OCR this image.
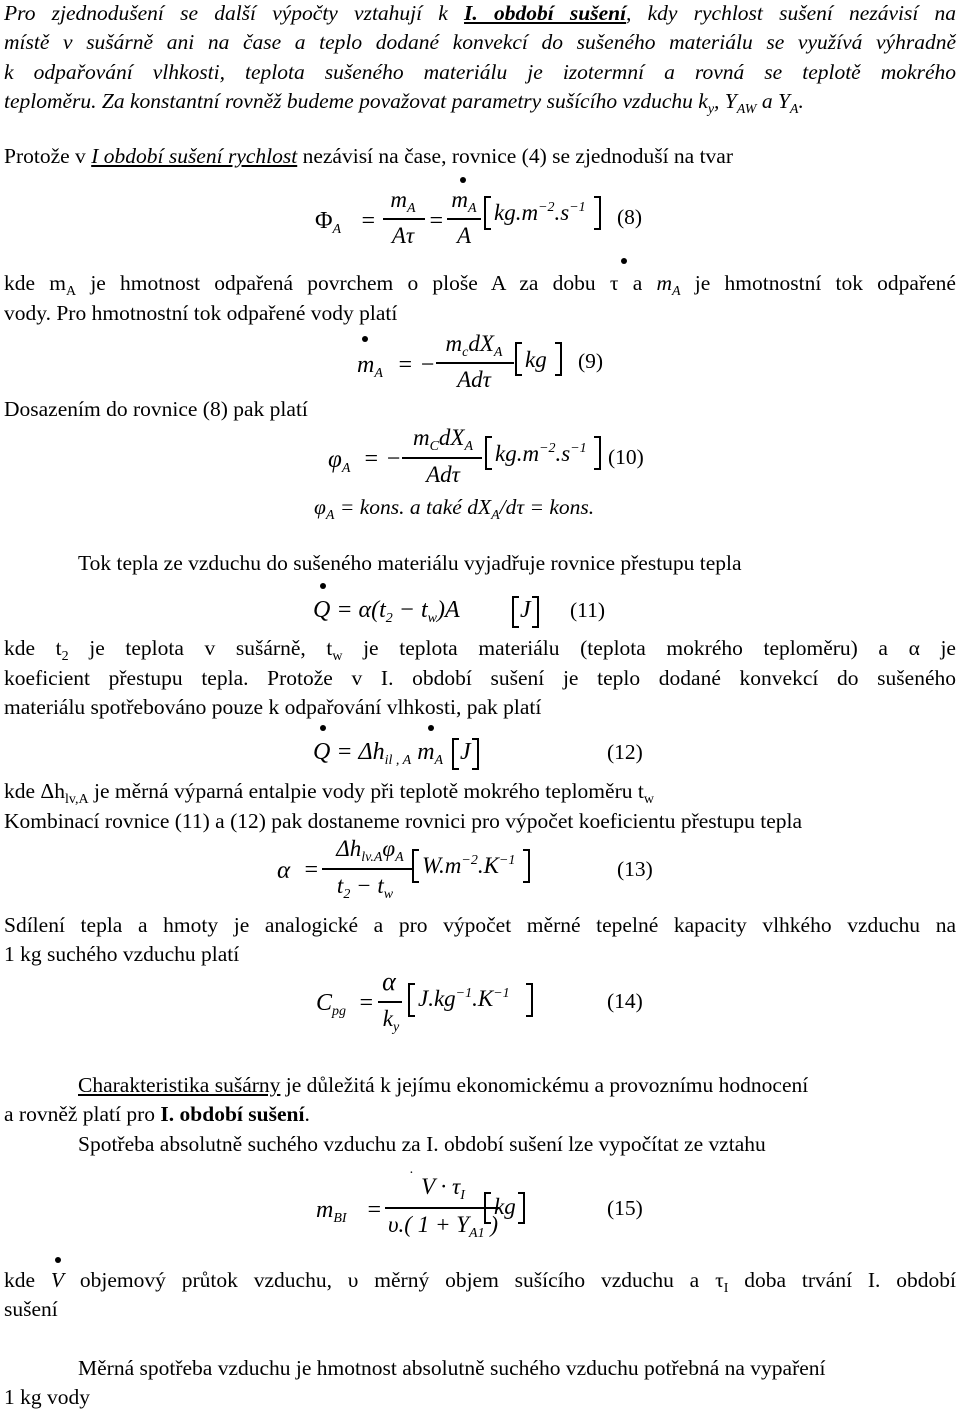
Pro zjednodušení se další výpočty vztahují k I. období sušení, kdy rychlost sušení nezávisí na
místě v sušárně ani na čase a teplo dodané konvekcí do sušeného materiálu se využívá výhradně
k odpařování vlhkosti, teplota sušeného materiálu je izotermní a rovná se teplotě mokrého
teploměru. Za konstantní rovněž budeme považovat parametry sušícího vzduchu $k_y$, $Y_{AW}$ a $Y_A$.
Protože v I období sušení rychlost nezávisí na čase, rovnice (4) se zjednoduší na tvar
$\Phi_A$ =
$m_A$
Aτ
=
$m_A$
A
$kg.m^{-2}.s^{-1}$ (8)
kde $m_A$ je hmotnost odpařená povrchem o ploše A za dobu τ a $m_A$ je hmotnostní tok odpařené
vody. Pro hmotnostní tok odpařené vody platí
$m_A$ = −
$m_cdX_A$
Adτ
kg (9)
Dosazením do rovnice (8) pak platí
$\varphi_A$ = −
$m_CdX_A$
Adτ
$kg.m^{-2}.s^{-1}$ (10)
$\varphi_A$ = kons. a také $dX_A/d\tau$ = kons.
Tok tepla ze vzduchu do sušeného materiálu vyjadřuje rovnice přestupu tepla
$Q = \alpha(t_2 - t_w)A$	J (11)
kde $t_2$ je teplota v sušárně, $t_w$ je teplota materiálu (teplota mokrého teploměru) a α je
koeficient přestupu tepla. Protože v I. období sušení je teplo dodané konvekcí do sušeného
materiálu spotřebováno pouze k odpařování vlhkosti, pak platí
$Q = \Delta h_{il , A}$ $m_A$ J	(12)
kde $\Delta h_{lv,A}$ je měrná výparná entalpie vody při teplotě mokrého teploměru $t_w$
Kombinací rovnice (11) a (12) pak dostaneme rovnici pro výpočet koeficientu přestupu tepla
α =
$\Delta h_{lv.A}\varphi_A$
$t_2 - t_w$
$W.m^{-2}.K^{-1}$	(13)
Sdílení tepla a hmoty je analogické a pro výpočet měrné tepelné kapacity vlhkého vzduchu na
1 kg suchého vzduchu platí
$C_{pg}$ =
α
$k_y$
$J.kg^{-1}.K^{-1}$	(14)
Charakteristika sušárny je důležitá k jejímu ekonomickému a provoznímu hodnocení
a rovněž platí pro I. období sušení.
Spotřeba absolutně suchého vzduchu za I. období sušení lze vypočítat ze vztahu
$m_{BI}$ =
.
$V \cdot \tau_I$
υ.( $1 + Y_{A1}$ )
kg	(15)
kde V objemový průtok vzduchu, υ měrný objem sušícího vzduchu a $\tau_I$ doba trvání I. období
sušení
Měrná spotřeba vzduchu je hmotnost absolutně suchého vzduchu potřebná na vypaření
1 kg vody
